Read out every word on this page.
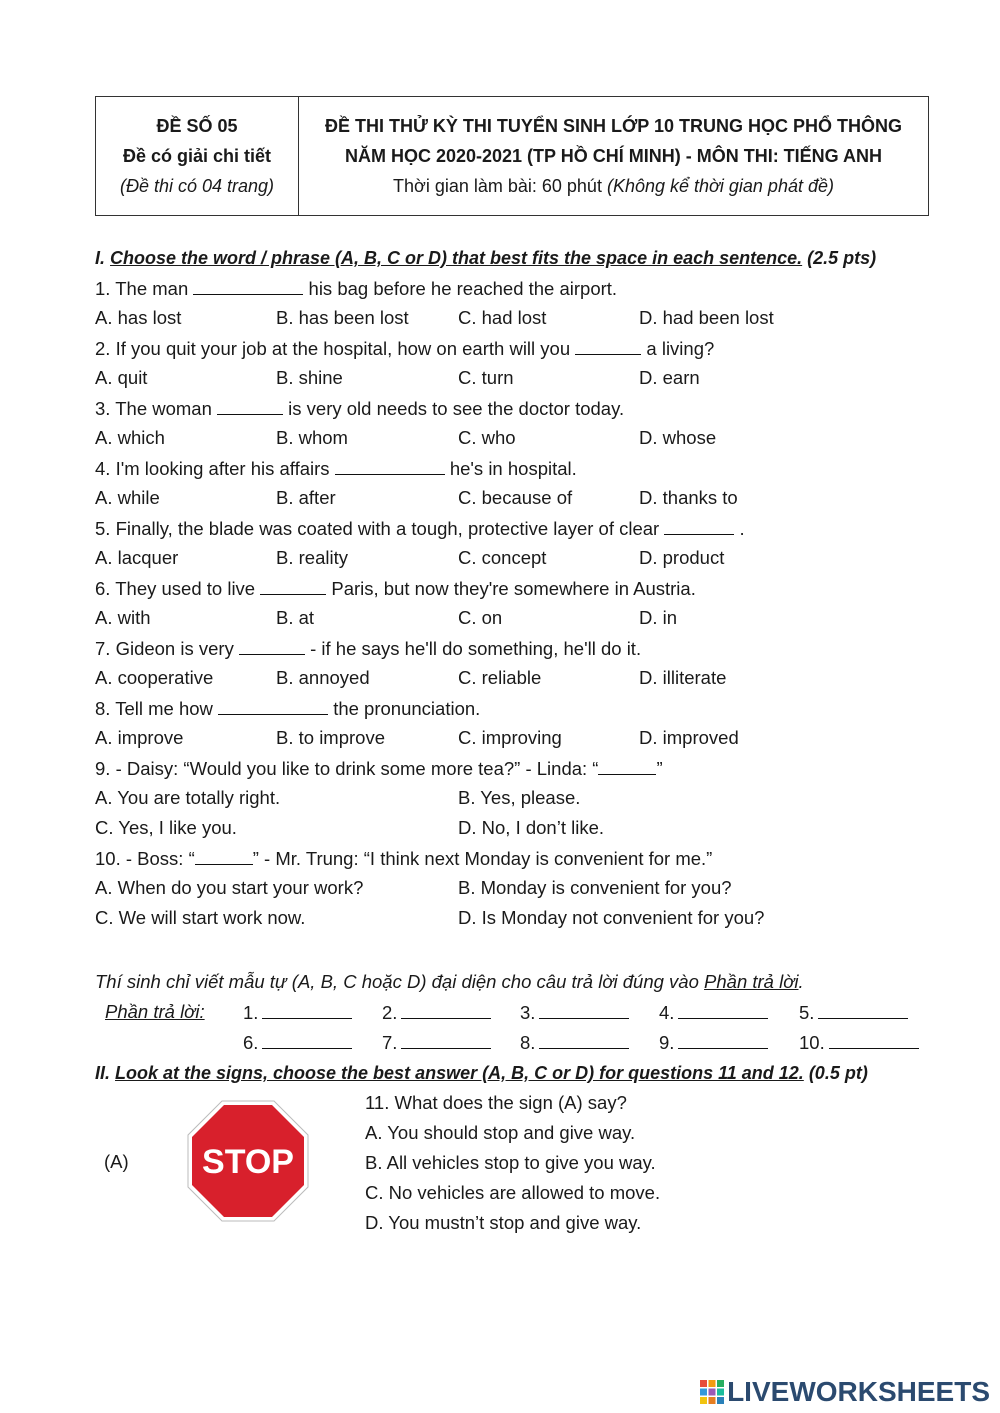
ĐỀ SỐ 05
Đề có giải chi tiết
(Đề thi có 04 trang)
ĐỀ THI THỬ KỲ THI TUYỂN SINH LỚP 10 TRUNG HỌC PHỔ THÔNG
NĂM HỌC 2020-2021 (TP HỒ CHÍ MINH) - MÔN THI: TIẾNG ANH
Thời gian làm bài: 60 phút (Không kể thời gian phát đề)
I. Choose the word / phrase (A, B, C or D) that best fits the space in each sentence. (2.5 pts)
1. The man	his bag before he reached the airport.
A. has lost	B. has been lost	C. had lost	D. had been lost
2. If you quit your job at the hospital, how on earth will you	a living?
A. quit	B. shine	C. turn	D. earn
3. The woman	is very old needs to see the doctor today.
A. which	B. whom	C. who	D. whose
4. I'm looking after his affairs	he's in hospital.
A. while	B. after	C. because of	D. thanks to
5. Finally, the blade was coated with a tough, protective layer of clear	.
A. lacquer	B. reality	C. concept	D. product
6. They used to live	Paris, but now they're somewhere in Austria.
A. with	B. at	C. on	D. in
7. Gideon is very	- if he says he'll do something, he'll do it.
A. cooperative	B. annoyed	C. reliable	D. illiterate
8. Tell me how	the pronunciation.
A. improve	B. to improve	C. improving	D. improved
9. - Daisy: “Would you like to drink some more tea?” - Linda: “	”
A. You are totally right.	B. Yes, please.
C. Yes, I like you.	D. No, I don’t like.
10. - Boss: “	” - Mr. Trung: “I think next Monday is convenient for me.”
A. When do you start your work?	B. Monday is convenient for you?
C. We will start work now.	D. Is Monday not convenient for you?
Thí sinh chỉ viết mẫu tự (A, B, C hoặc D) đại diện cho câu trả lời đúng vào Phần trả lời.
Phần trả lời: 1.	2.	3.	4.	5.
6.	7.	8.	9.	10.
II. Look at the signs, choose the best answer (A, B, C or D) for questions 11 and 12. (0.5 pt)
(A) STOP
11. What does the sign (A) say?
A. You should stop and give way.
B. All vehicles stop to give you way.
C. No vehicles are allowed to move.
D. You mustn’t stop and give way.
LIVEWORKSHEETS
